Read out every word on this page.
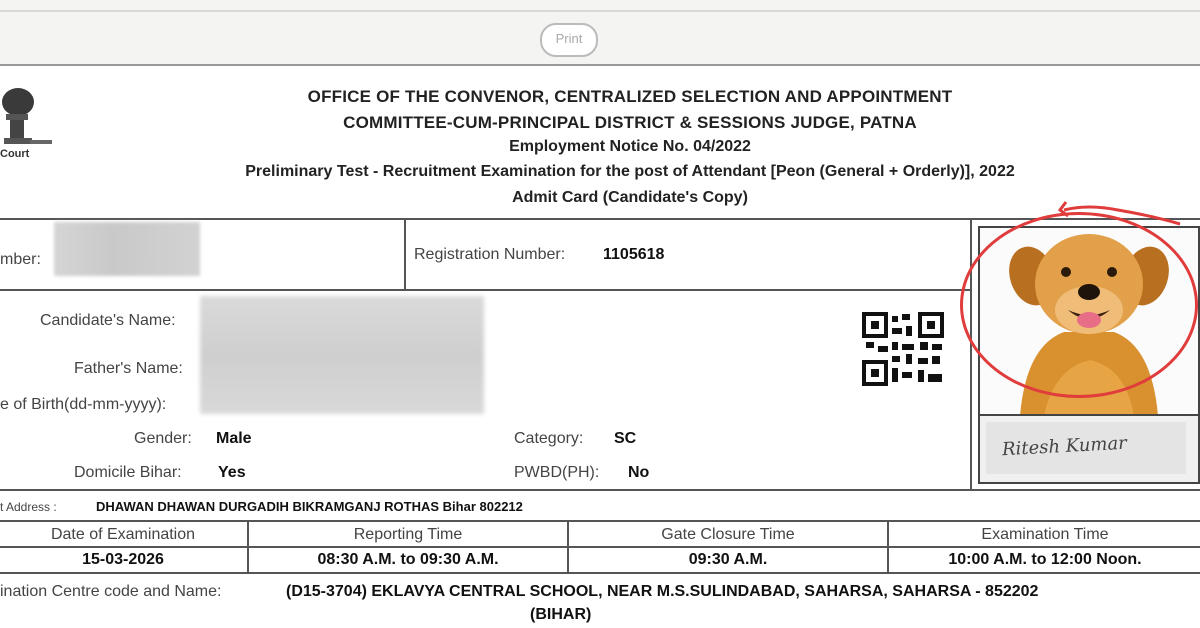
Print
Court
OFFICE OF THE CONVENOR, CENTRALIZED SELECTION AND APPOINTMENT
COMMITTEE-CUM-PRINCIPAL DISTRICT & SESSIONS JUDGE, PATNA
Employment Notice No. 04/2022
Preliminary Test - Recruitment Examination for the post of Attendant [Peon (General + Orderly)], 2022
Admit Card (Candidate's Copy)
mber:	Registration Number: 1105618
Candidate's Name:
Father's Name:
e of Birth(dd-mm-yyyy):
Gender: Male	Category: SC
Domicile Bihar: Yes	PWBD(PH): No
Ritesh Kumar
t Address :	DHAWAN DHAWAN DURGADIH BIKRAMGANJ ROTHAS Bihar 802212
Date of Examination	Reporting Time	Gate Closure Time	Examination Time
15-03-2026	08:30 A.M. to 09:30 A.M.	09:30 A.M.	10:00 A.M. to 12:00 Noon.
ination Centre code and Name:	(D15-3704) EKLAVYA CENTRAL SCHOOL, NEAR M.S.SULINDABAD, SAHARSA, SAHARSA - 852202
(BIHAR)
